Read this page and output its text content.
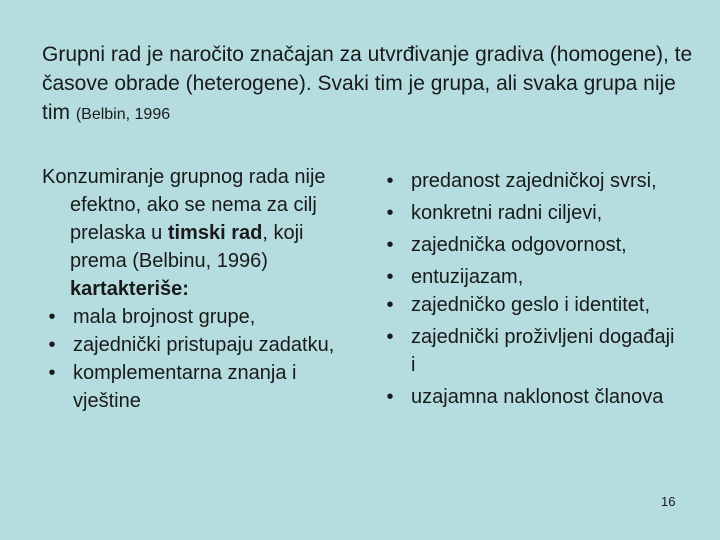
Grupni rad je naročito značajan za utvrđivanje gradiva (homogene), te časove obrade (heterogene). Svaki tim je grupa, ali svaka grupa nije tim (Belbin, 1996

Konzumiranje grupnog rada nije efektno, ako se nema za cilj prelaska u timski rad, koji prema (Belbinu, 1996) kartakteriše:

• mala brojnost grupe,
• zajednički pristupaju zadatku,
• komplementarna znanja i vještine
• predanost zajedničkoj svrsi,
• konkretni radni ciljevi,
• zajednička odgovornost,
• entuzijazam,
• zajedničko geslo i identitet,
• zajednički proživljeni događaji i
• uzajamna naklonost članova
16
